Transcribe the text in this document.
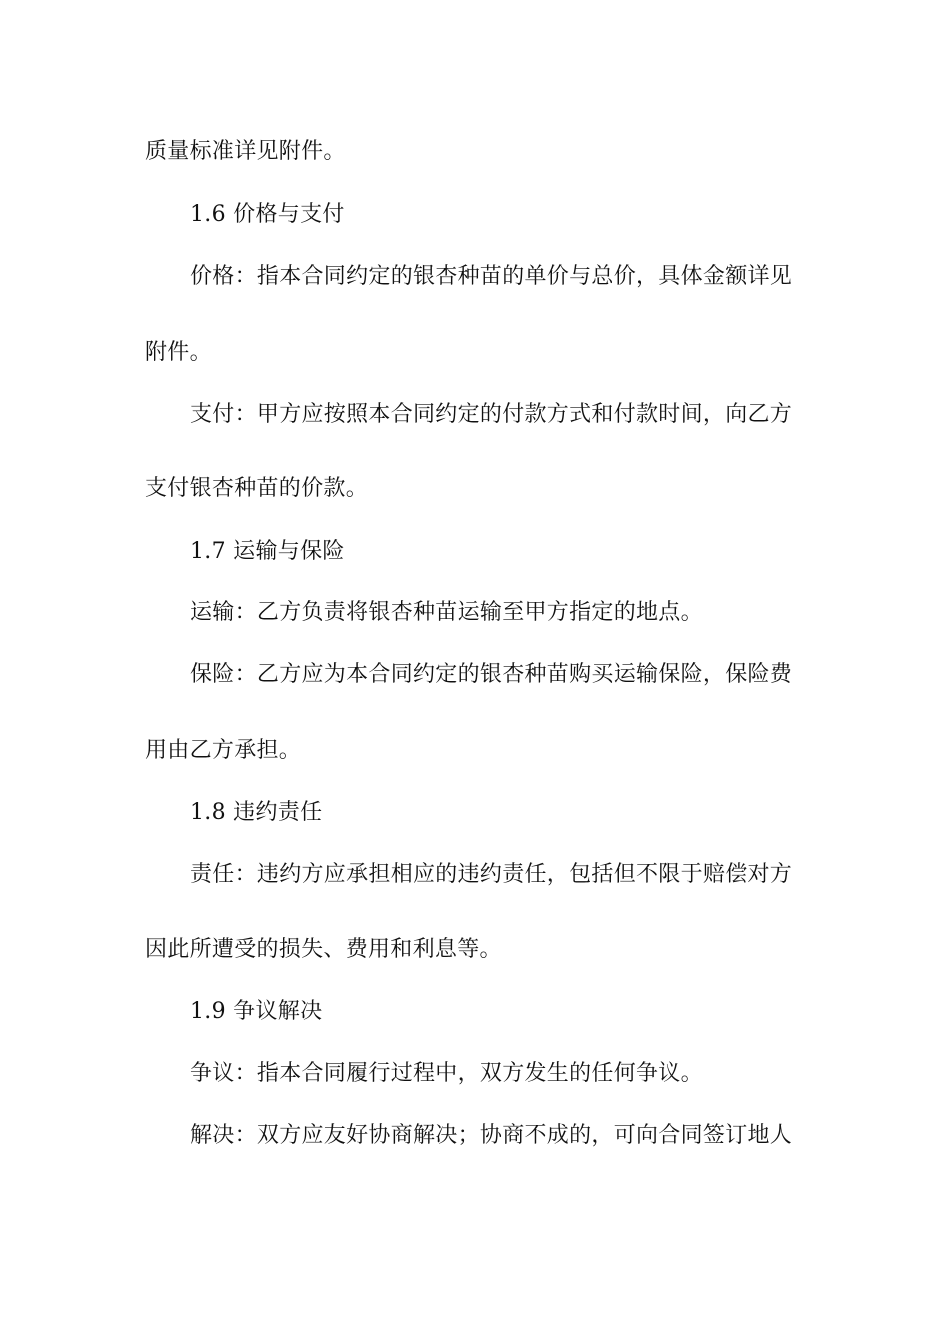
质量标准详见附件。
1.6 价格与支付
价格：指本合同约定的银杏种苗的单价与总价，具体金额详见
附件。
支付：甲方应按照本合同约定的付款方式和付款时间，向乙方
支付银杏种苗的价款。
1.7 运输与保险
运输：乙方负责将银杏种苗运输至甲方指定的地点。
保险：乙方应为本合同约定的银杏种苗购买运输保险，保险费
用由乙方承担。
1.8 违约责任
责任：违约方应承担相应的违约责任，包括但不限于赔偿对方
因此所遭受的损失、费用和利息等。
1.9 争议解决
争议：指本合同履行过程中，双方发生的任何争议。
解决：双方应友好协商解决；协商不成的，可向合同签订地人
